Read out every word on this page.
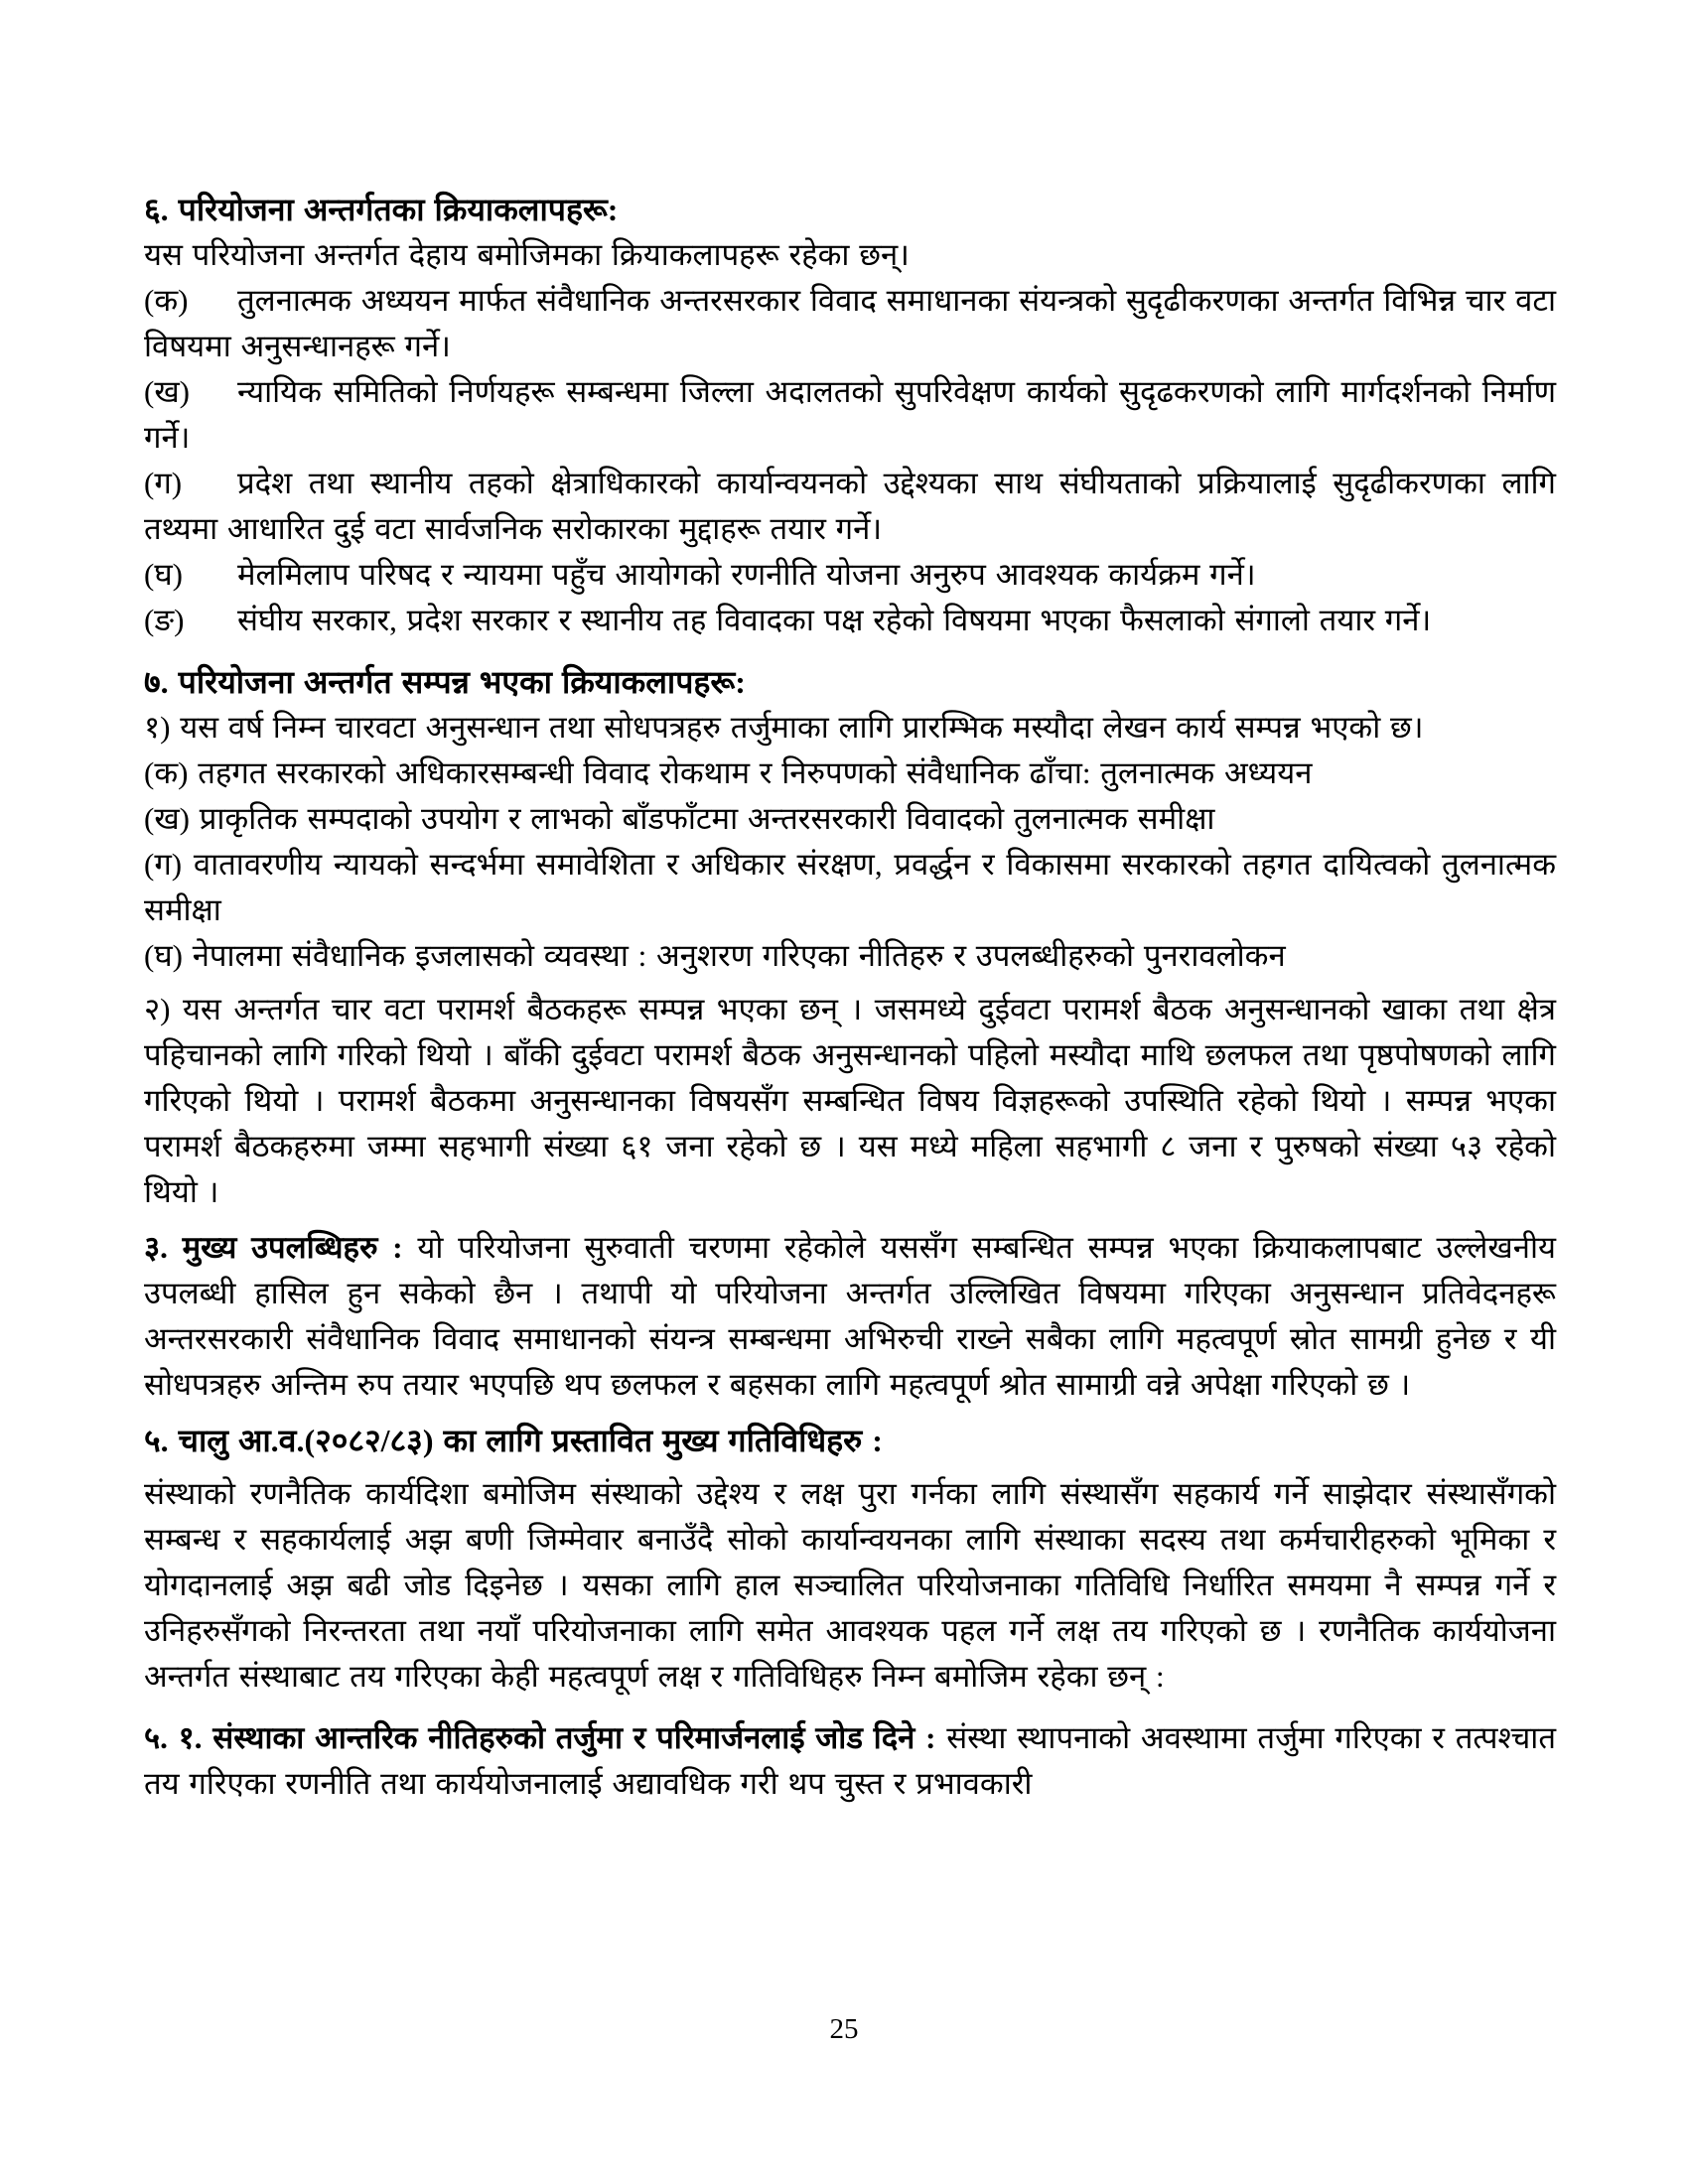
६. परियोजना अन्तर्गतका क्रियाकलापहरू:

यस परियोजना अन्तर्गत देहाय बमोजिमका क्रियाकलापहरू रहेका छन्।

(क) तुलनात्मक अध्ययन मार्फत संवैधानिक अन्तरसरकार विवाद समाधानका संयन्त्रको सुदृढीकरणका अन्तर्गत विभिन्न चार वटा विषयमा अनुसन्धानहरू गर्ने।

(ख) न्यायिक समितिको निर्णयहरू सम्बन्धमा जिल्ला अदालतको सुपरिवेक्षण कार्यको सुदृढकरणको लागि मार्गदर्शनको निर्माण गर्ने।

(ग) प्रदेश तथा स्थानीय तहको क्षेत्राधिकारको कार्यान्वयनको उद्देश्यका साथ संघीयताको प्रक्रियालाई सुदृढीकरणका लागि तथ्यमा आधारित दुई वटा सार्वजनिक सरोकारका मुद्दाहरू तयार गर्ने।

(घ) मेलमिलाप परिषद र न्यायमा पहुँच आयोगको रणनीति योजना अनुरुप आवश्यक कार्यक्रम गर्ने।

(ङ) संघीय सरकार, प्रदेश सरकार र स्थानीय तह विवादका पक्ष रहेको विषयमा भएका फैसलाको संगालो तयार गर्ने।

७. परियोजना अन्तर्गत सम्पन्न भएका क्रियाकलापहरू:

१) यस वर्ष निम्न चारवटा अनुसन्धान तथा सोधपत्रहरु तर्जुमाका लागि प्रारम्भिक मस्यौदा लेखन कार्य सम्पन्न भएको छ।

(क) तहगत सरकारको अधिकारसम्बन्धी विवाद रोकथाम र निरुपणको संवैधानिक ढाँचा: तुलनात्मक अध्ययन

(ख) प्राकृतिक सम्पदाको उपयोग र लाभको बाँडफाँटमा अन्तरसरकारी विवादको तुलनात्मक समीक्षा

(ग) वातावरणीय न्यायको सन्दर्भमा समावेशिता र अधिकार संरक्षण, प्रवर्द्धन र विकासमा सरकारको तहगत दायित्वको तुलनात्मक समीक्षा

(घ) नेपालमा संवैधानिक इजलासको व्यवस्था : अनुशरण गरिएका नीतिहरु र उपलब्धीहरुको पुनरावलोकन

२) यस अन्तर्गत चार वटा परामर्श बैठकहरू सम्पन्न भएका छन् । जसमध्ये दुईवटा परामर्श बैठक अनुसन्धानको खाका तथा क्षेत्र पहिचानको लागि गरिको थियो । बाँकी दुईवटा परामर्श बैठक अनुसन्धानको पहिलो मस्यौदा माथि छलफल तथा पृष्ठपोषणको लागि गरिएको थियो । परामर्श बैठकमा अनुसन्धानका विषयसँग सम्बन्धित विषय विज्ञहरूको उपस्थिति रहेको थियो । सम्पन्न भएका परामर्श बैठकहरुमा जम्मा सहभागी संख्या ६१ जना रहेको छ । यस मध्ये महिला सहभागी ८ जना र पुरुषको संख्या ५३ रहेको थियो ।

३. मुख्य उपलब्धिहरु : यो परियोजना सुरुवाती चरणमा रहेकोले यससँग सम्बन्धित सम्पन्न भएका क्रियाकलापबाट उल्लेखनीय उपलब्धी हासिल हुन सकेको छैन । तथापी यो परियोजना अन्तर्गत उल्लिखित विषयमा गरिएका अनुसन्धान प्रतिवेदनहरू अन्तरसरकारी संवैधानिक विवाद समाधानको संयन्त्र सम्बन्धमा अभिरुची राख्ने सबैका लागि महत्वपूर्ण स्रोत सामग्री हुनेछ र यी सोधपत्रहरु अन्तिम रुप तयार भएपछि थप छलफल र बहसका लागि महत्वपूर्ण श्रोत सामाग्री वन्ने अपेक्षा गरिएको छ ।

५. चालु आ.व.(२०८२/८३) का लागि प्रस्तावित मुख्य गतिविधिहरु :

संस्थाको रणनैतिक कार्यदिशा बमोजिम संस्थाको उद्देश्य र लक्ष पुरा गर्नका लागि संस्थासँग सहकार्य गर्ने साझेदार संस्थासँगको सम्बन्ध र सहकार्यलाई अझ बणी जिम्मेवार बनाउँदै सोको कार्यान्वयनका लागि संस्थाका सदस्य तथा कर्मचारीहरुको भूमिका र योगदानलाई अझ बढी जोड दिइनेछ । यसका लागि हाल सञ्चालित परियोजनाका गतिविधि निर्धारित समयमा नै सम्पन्न गर्ने र उनिहरुसँगको निरन्तरता तथा नयाँ परियोजनाका लागि समेत आवश्यक पहल गर्ने लक्ष तय गरिएको छ । रणनैतिक कार्ययोजना अन्तर्गत संस्थाबाट तय गरिएका केही महत्वपूर्ण लक्ष र गतिविधिहरु निम्न बमोजिम रहेका छन् :

५. १. संस्थाका आन्तरिक नीतिहरुको तर्जुमा र परिमार्जनलाई जोड दिने : संस्था स्थापनाको अवस्थामा तर्जुमा गरिएका र तत्पश्चात तय गरिएका रणनीति तथा कार्ययोजनालाई अद्यावधिक गरी थप चुस्त र प्रभावकारी

25
